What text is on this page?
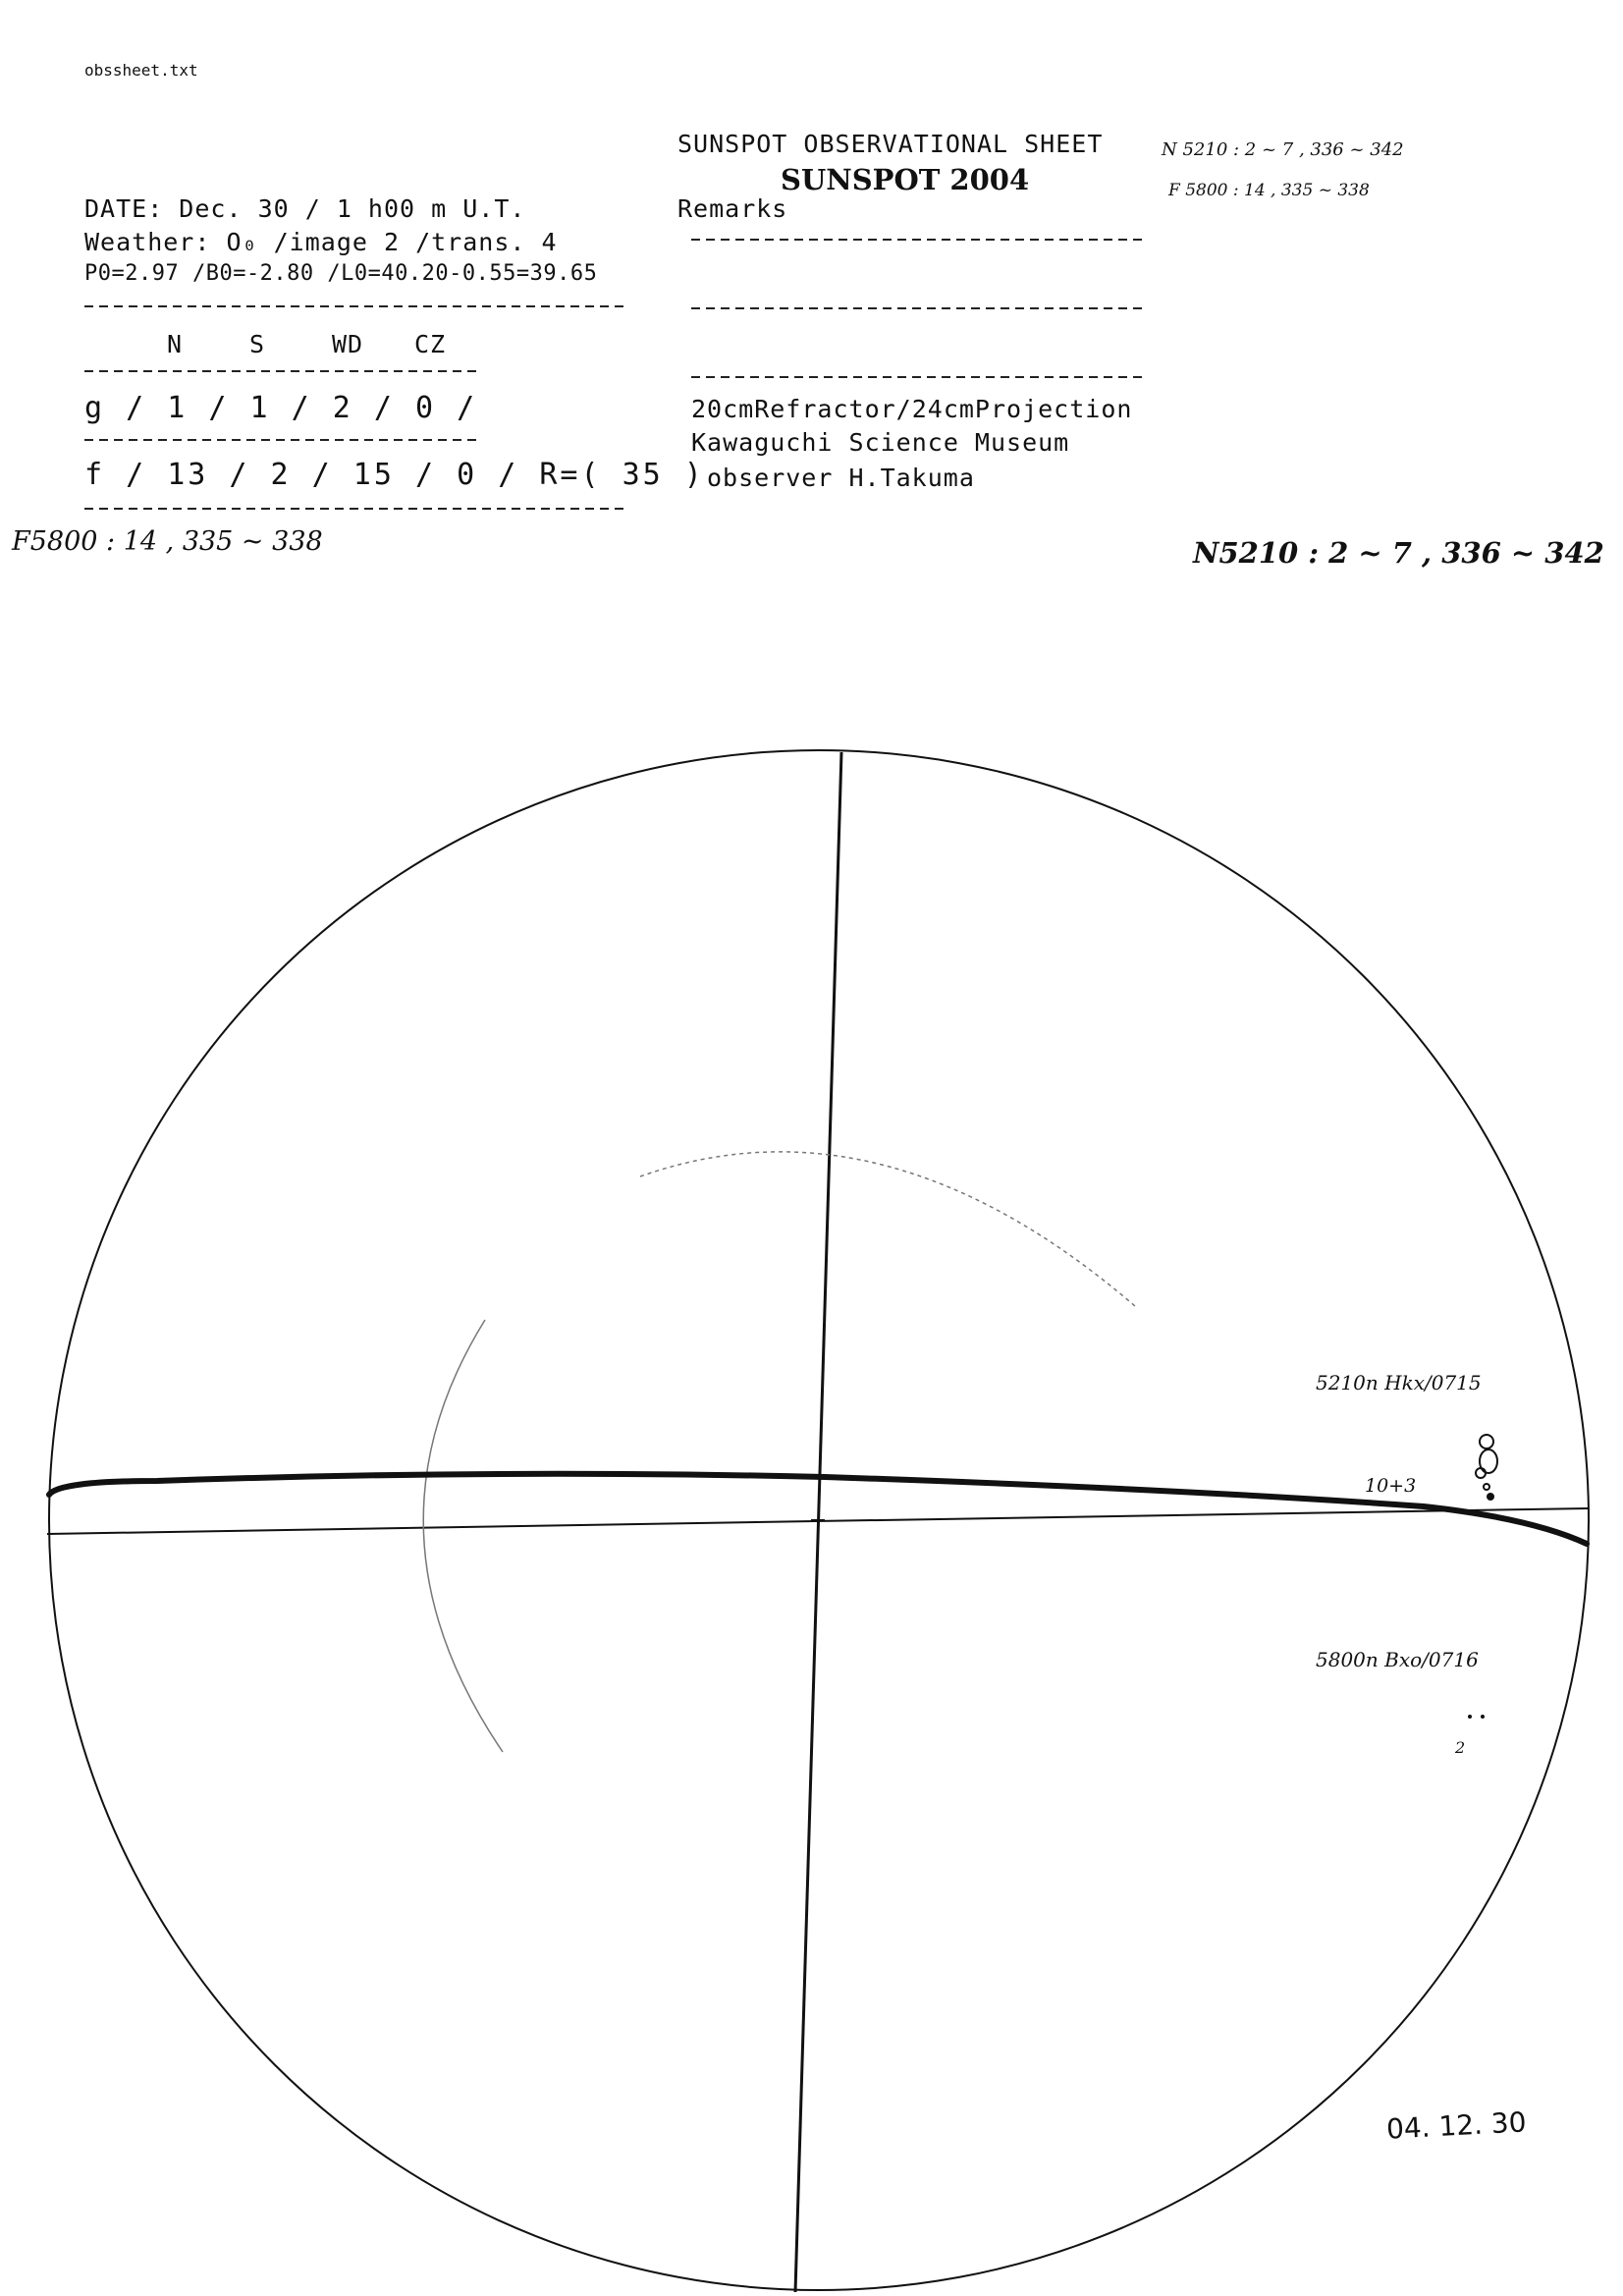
obssheet.txt
SUNSPOT OBSERVATIONAL SHEET
SUNSPOT 2004
Remarks
DATE: Dec. 30 / 1 h00 m U.T.
Weather: O₀ /image 2 /trans. 4
P0=2.97 /B0=-2.80 /L0=40.20-0.55=39.65
N	S	WD CZ
g / 1 / 1 / 2 / 0 /
f / 13 / 2 / 15 / 0 / R=( 35 )
20cmRefractor/24cmProjection
Kawaguchi Science Museum
observer H.Takuma
N 5210 : 2 ~ 7 , 336 ~ 342
F 5800 : 14 , 335 ~ 338
F5800 : 14 , 335 ~ 338	N5210 : 2 ~ 7 , 336 ~ 342
5210n Hkx/0715
10+3
5800n Bxo/0716
2
04. 12. 30
